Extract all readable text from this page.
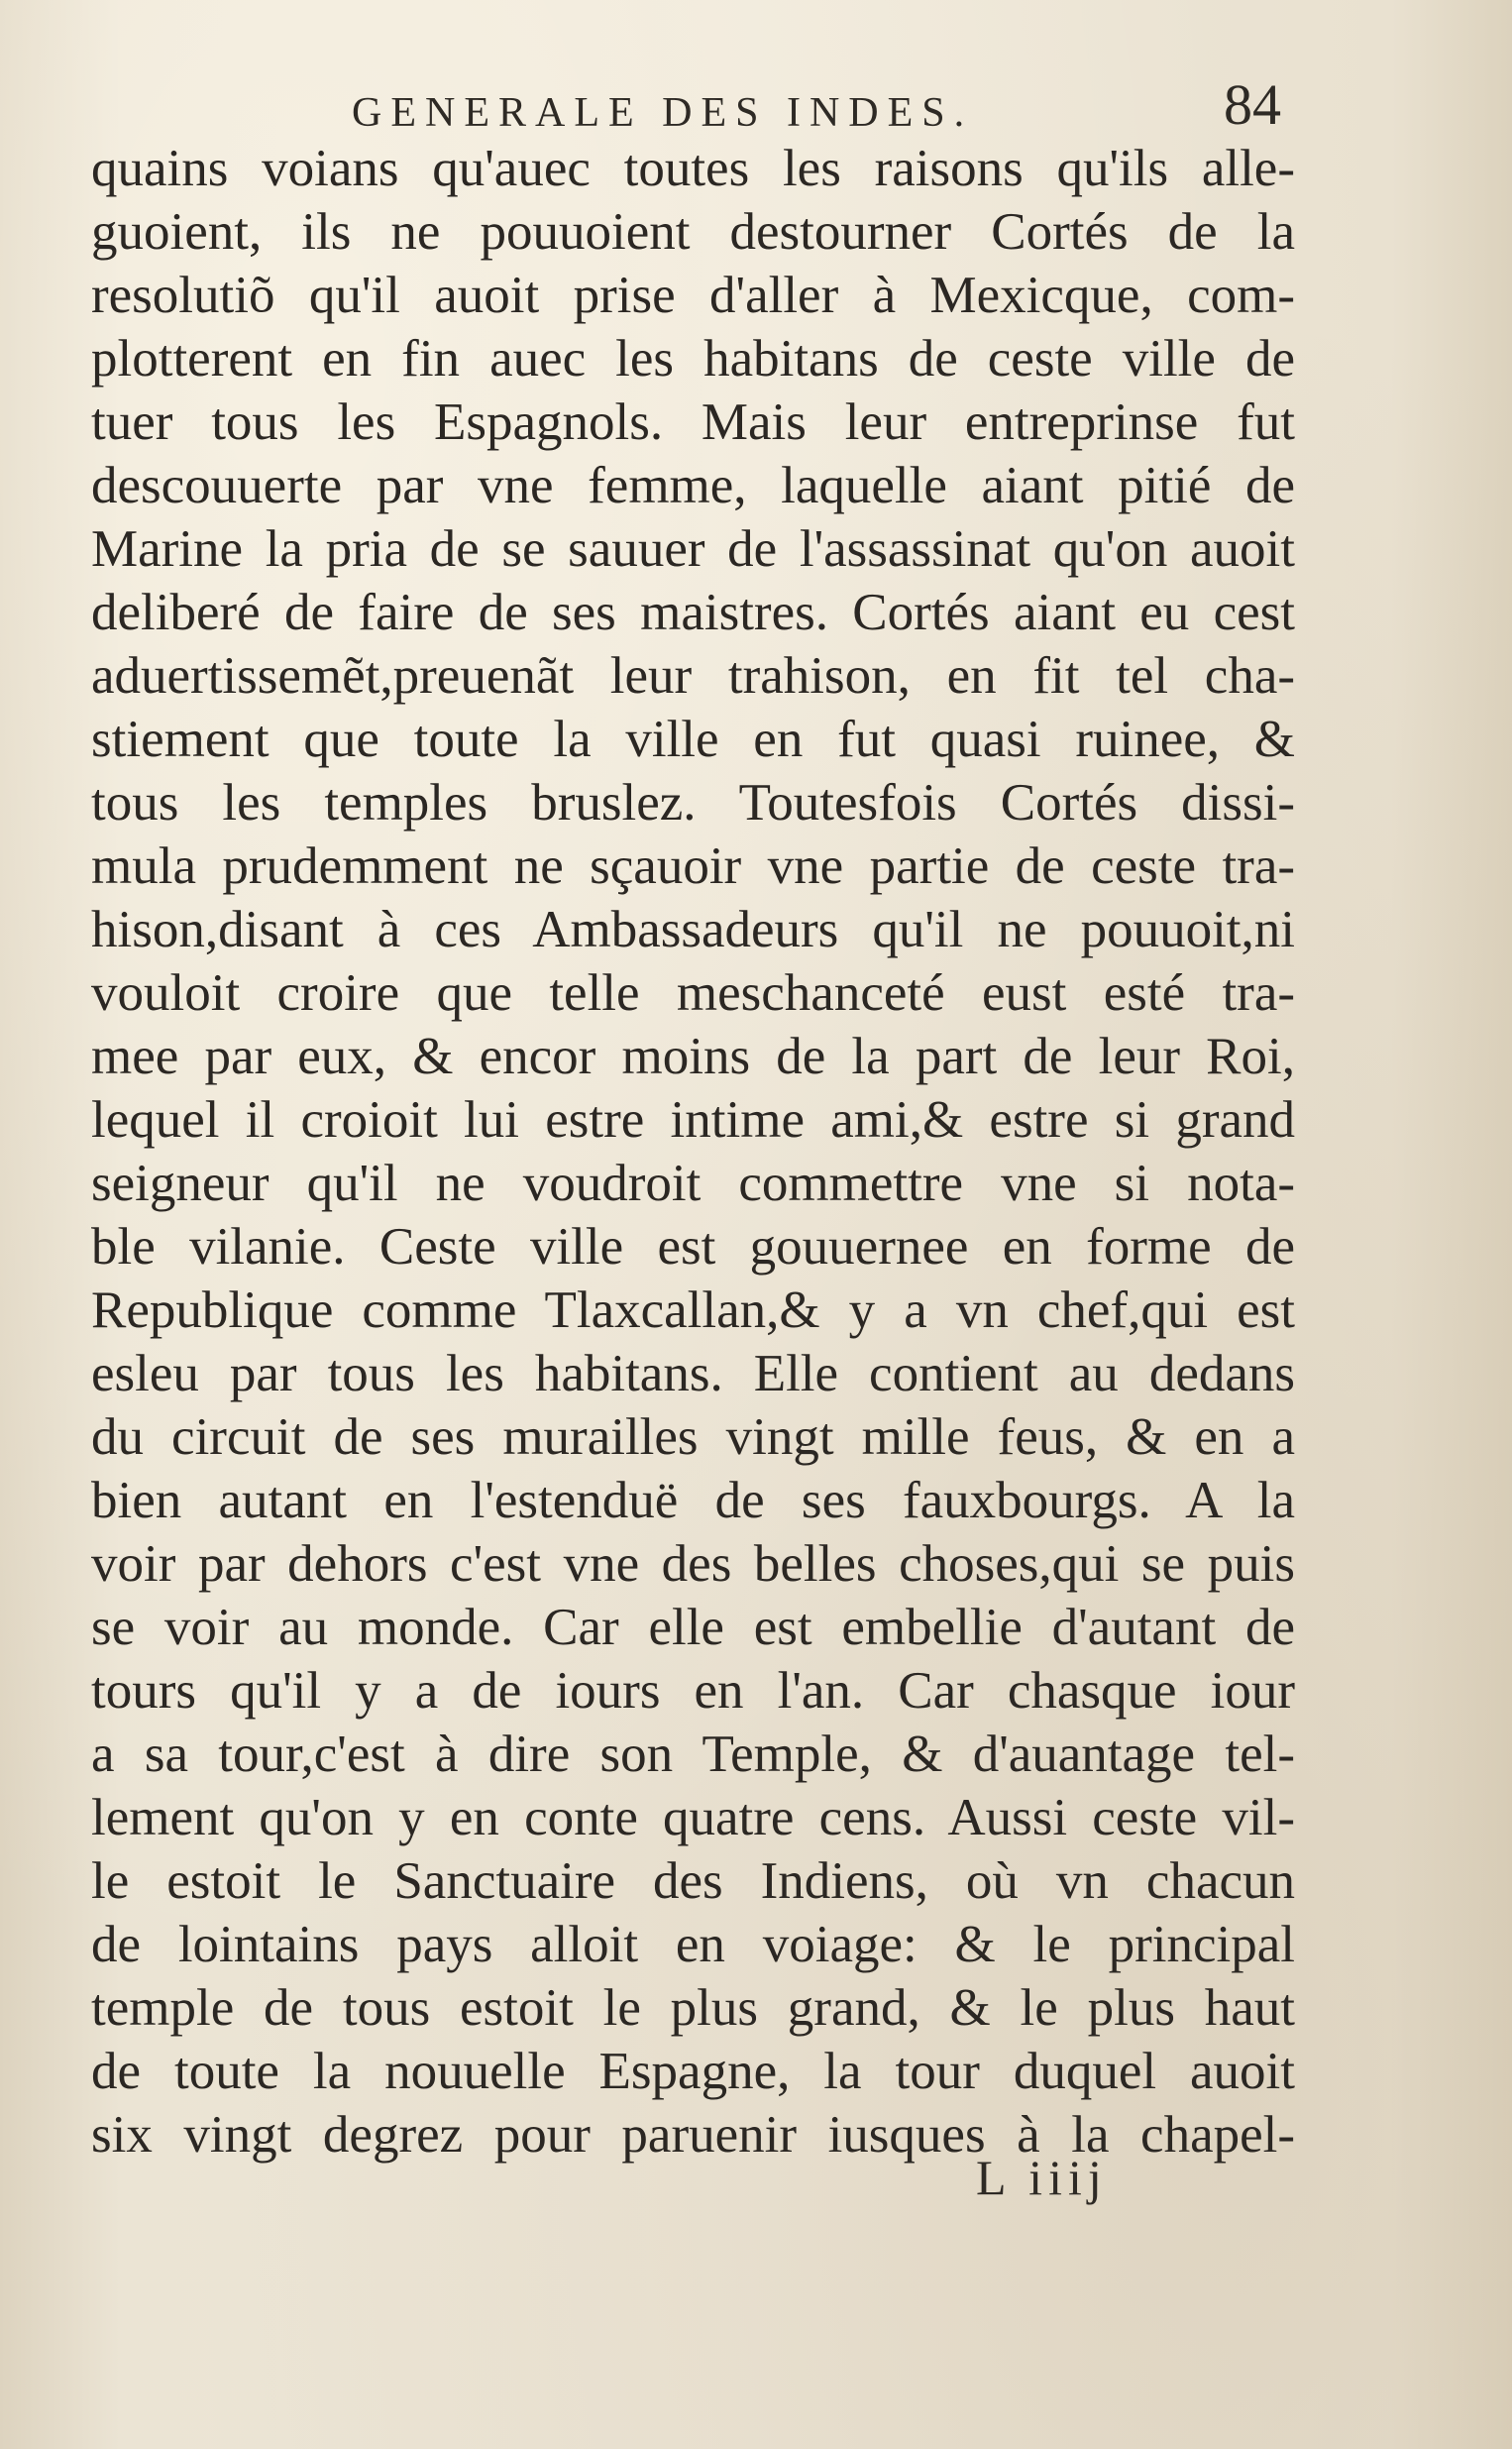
GENERALE DES INDES.	84
quains voians qu'auec toutes les raisons qu'ils alle-
guoient, ils ne pouuoient destourner Cortés de la
resolutiõ qu'il auoit prise d'aller à Mexicque, com-
plotterent en fin auec les habitans de ceste ville de
tuer tous les Espagnols. Mais leur entreprinse fut
descouuerte par vne femme, laquelle aiant pitié de
Marine la pria de se sauuer de l'assassinat qu'on auoit
deliberé de faire de ses maistres. Cortés aiant eu cest
aduertissemẽt,preuenãt leur trahison, en fit tel cha-
stiement que toute la ville en fut quasi ruinee, &
tous les temples bruslez. Toutesfois Cortés dissi-
mula prudemment ne sçauoir vne partie de ceste tra-
hison,disant à ces Ambassadeurs qu'il ne pouuoit,ni
vouloit croire que telle meschanceté eust esté tra-
mee par eux, & encor moins de la part de leur Roi,
lequel il croioit lui estre intime ami,& estre si grand
seigneur qu'il ne voudroit commettre vne si nota-
ble vilanie. Ceste ville est gouuernee en forme de
Republique comme Tlaxcallan,& y a vn chef,qui est
esleu par tous les habitans. Elle contient au dedans
du circuit de ses murailles vingt mille feus, & en a
bien autant en l'estenduë de ses fauxbourgs. A la
voir par dehors c'est vne des belles choses,qui se puis
se voir au monde. Car elle est embellie d'autant de
tours qu'il y a de iours en l'an. Car chasque iour
a sa tour,c'est à dire son Temple, & d'auantage tel-
lement qu'on y en conte quatre cens. Aussi ceste vil-
le estoit le Sanctuaire des Indiens, où vn chacun
de lointains pays alloit en voiage: & le principal
temple de tous estoit le plus grand, & le plus haut
de toute la nouuelle Espagne, la tour duquel auoit
six vingt degrez pour paruenir iusques à la chapel-
L iiij
